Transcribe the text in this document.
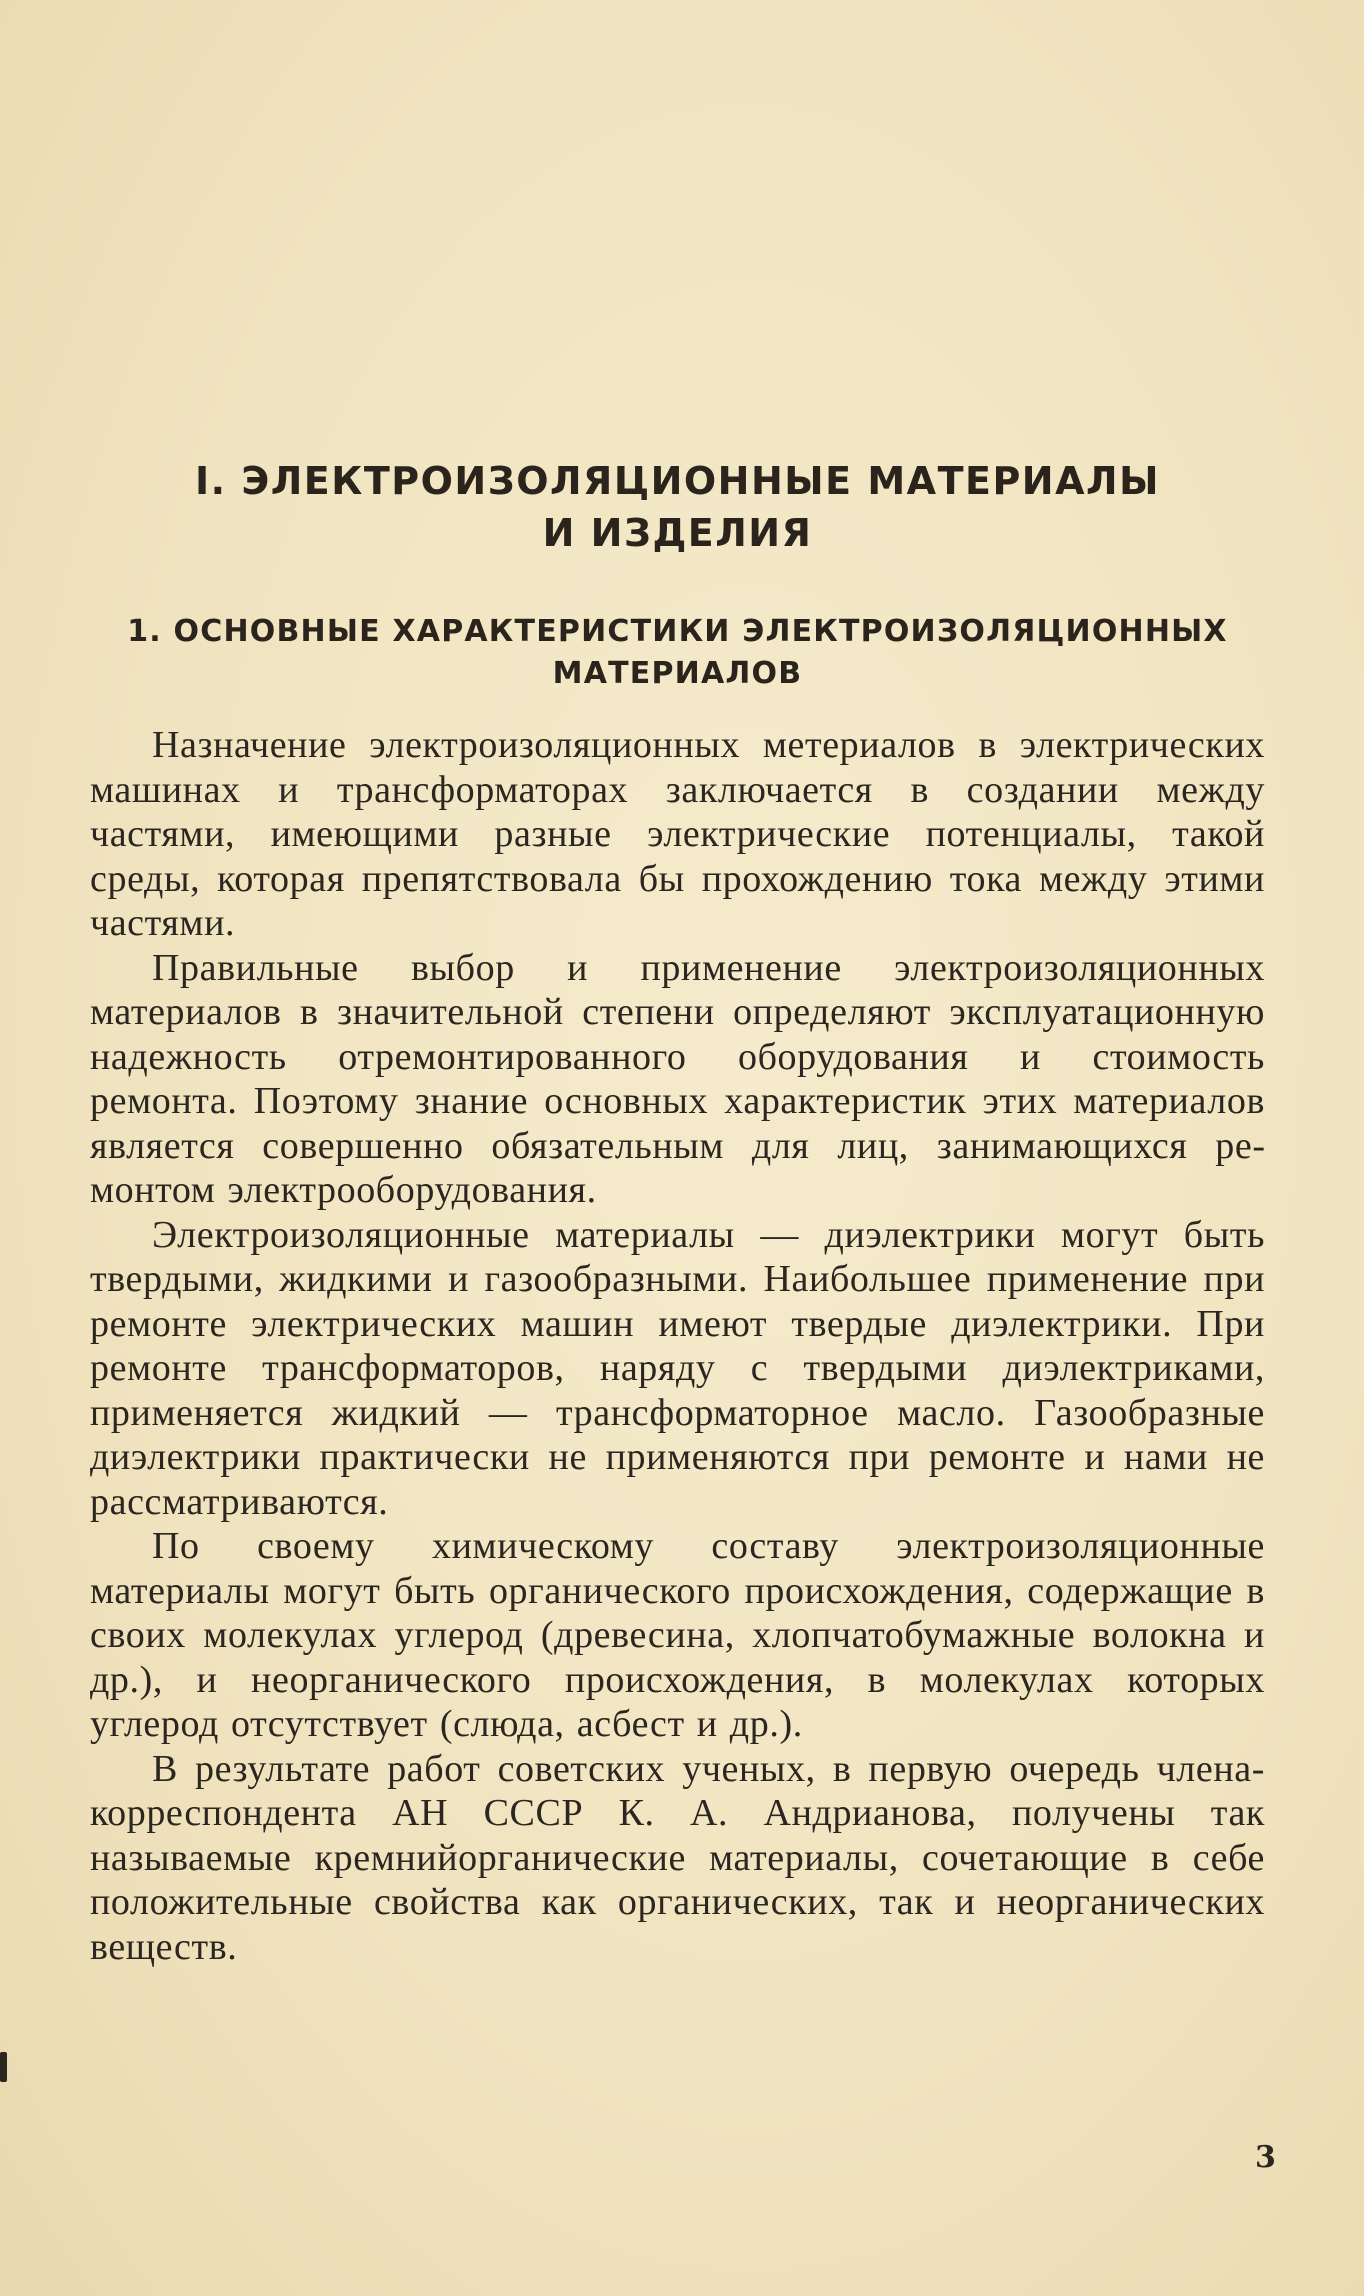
I. ЭЛЕКТРОИЗОЛЯЦИОННЫЕ МАТЕРИАЛЫ
И ИЗДЕЛИЯ
1. ОСНОВНЫЕ ХАРАКТЕРИСТИКИ ЭЛЕКТРОИЗОЛЯЦИОННЫХ
МАТЕРИАЛОВ

Назначение электроизоляционных метериалов в электрических машинах и трансформаторах заключается в создании между частями, имеющими разные электрические потенциалы, такой среды, которая препятствовала бы прохождению тока между этими частями.

Правильные выбор и применение электроизоляционных материалов в значительной степени определяют эксплуатационную надежность отремонтированного оборудования и стоимость ремонта. Поэтому знание основных характеристик этих материалов является совершенно обязательным для лиц, занимающихся ремонтом электрооборудования.

Электроизоляционные материалы — диэлектрики могут быть твердыми, жидкими и газообразными. Наибольшее применение при ремонте электрических машин имеют твердые диэлектрики. При ремонте трансформаторов, наряду с твердыми диэлектриками, применяется жидкий — трансформаторное масло. Газообразные диэлектрики практически не применяются при ремонте и нами не рассматриваются.

По своему химическому составу электроизоляционные материалы могут быть органического происхождения, содержащие в своих молекулах углерод (древесина, хлопчатобумажные волокна и др.), и неорганического происхождения, в молекулах которых углерод отсутствует (слюда, асбест и др.).

В результате работ советских ученых, в первую очередь члена-корреспондента АН СССР К. А. Андрианова, получены так называемые кремнийорганические материалы, сочетающие в себе положительные свойства как органических, так и неорганических веществ.

3
